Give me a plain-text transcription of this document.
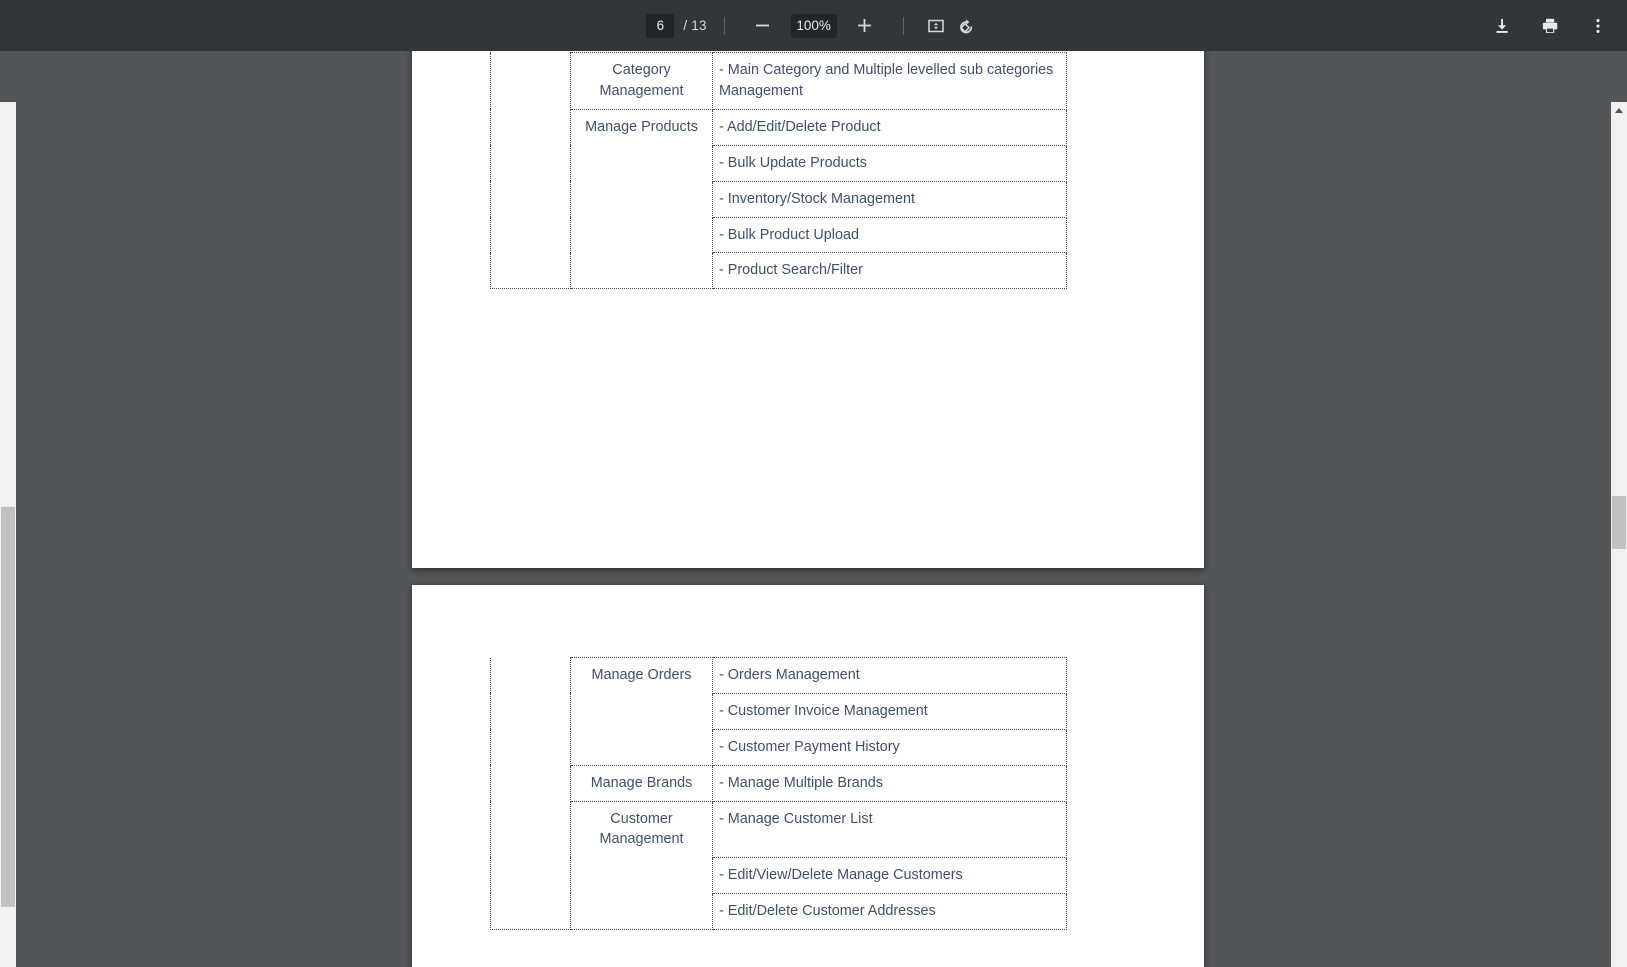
6
/ 13	100%

	Category Management	- Main Category and Multiple levelled sub categories Management
	Manage Products	- Add/Edit/Delete Product
		- Bulk Update Products
		- Inventory/Stock Management
		- Bulk Product Upload
		- Product Search/Filter
	Manage Orders	- Orders Management
		- Customer Invoice Management
		- Customer Payment History
	Manage Brands	- Manage Multiple Brands
	Customer Management	- Manage Customer List
		- Edit/View/Delete Manage Customers
		- Edit/Delete Customer Addresses
